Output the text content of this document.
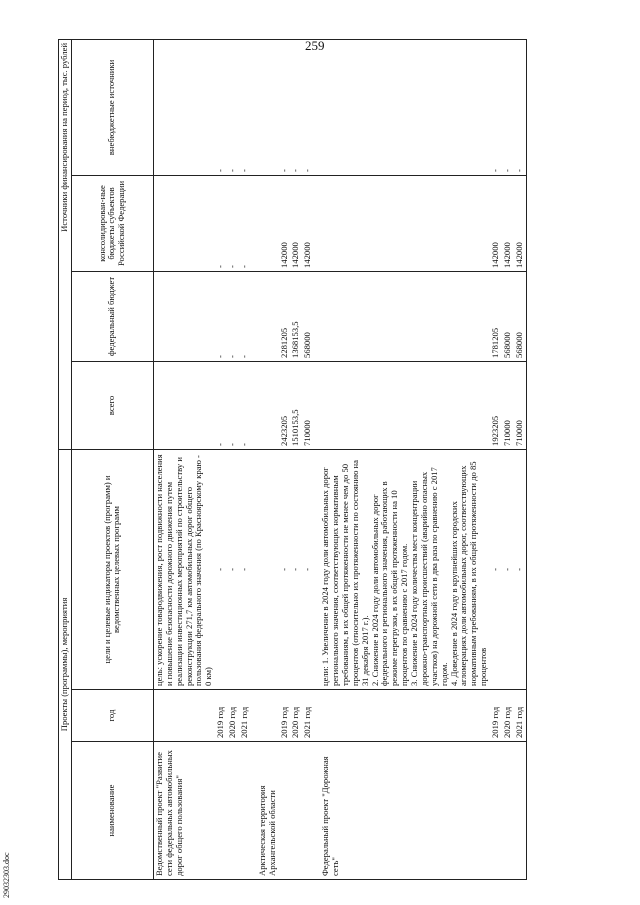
259
29032303.doc
Проекты (программы), мероприятия			Источники финансирования на период, тыс. рублей			
наименование	год	цели и целевые индикаторы проектов (программ) и ведомственных целевых программ	всего	федеральный бюджет	консолидирован-ные бюджеты субъектов Российской Федерации	внебюджетные источники
Ведомственный проект "Развитие сети федеральных автомобильных дорог общего пользования"		цель: ускорение товародвижения, рост подвижности населения и повышение безопасности дорожного движения путем реализации инвестиционных мероприятий по строительству и реконструкции 271,7 км автомобильных дорог общего пользования федерального значения (по Красноярскому краю - 0 км)				
	2019 год	-	-	-	-	-
	2020 год	-	-	-	-	-
	2021 год	-	-	-	-	-

Арктическая территория Архангельской области						
	2019 год	-	2423205	2281205	142000	-
	2020 год	-	1510153,5	1368153,5	142000	-
	2021 год	-	710000	568000	142000	-

Федеральный проект "Дорожная сеть"		цели: 1. Увеличение в 2024 году доли автомобильных дорог регионального значения, соответствующих нормативным требованиям, в их общей протяженности не менее чем до 50 процентов (относительно их протяженности по состоянию на 31 декабря 2017 г.).
2. Снижение в 2024 году доли автомобильных дорог федерального и регионального значения, работающих в режиме перегрузки, в их общей протяженности на 10 процентов по сравнению с 2017 годом.
3. Снижение в 2024 году количества мест концентрации дорожно-транспортных происшествий (аварийно опасных участков) на дорожной сети в два раза по сравнению с 2017 годом.
4. Доведение в 2024 году в крупнейших городских агломерациях доли автомобильных дорог, соответствующих нормативным требованиям, в их общей протяженности до 85 процентов				
	2019 год	-	1923205	1781205	142000	-
	2020 год	-	710000	568000	142000	-
	2021 год	-	710000	568000	142000	-
